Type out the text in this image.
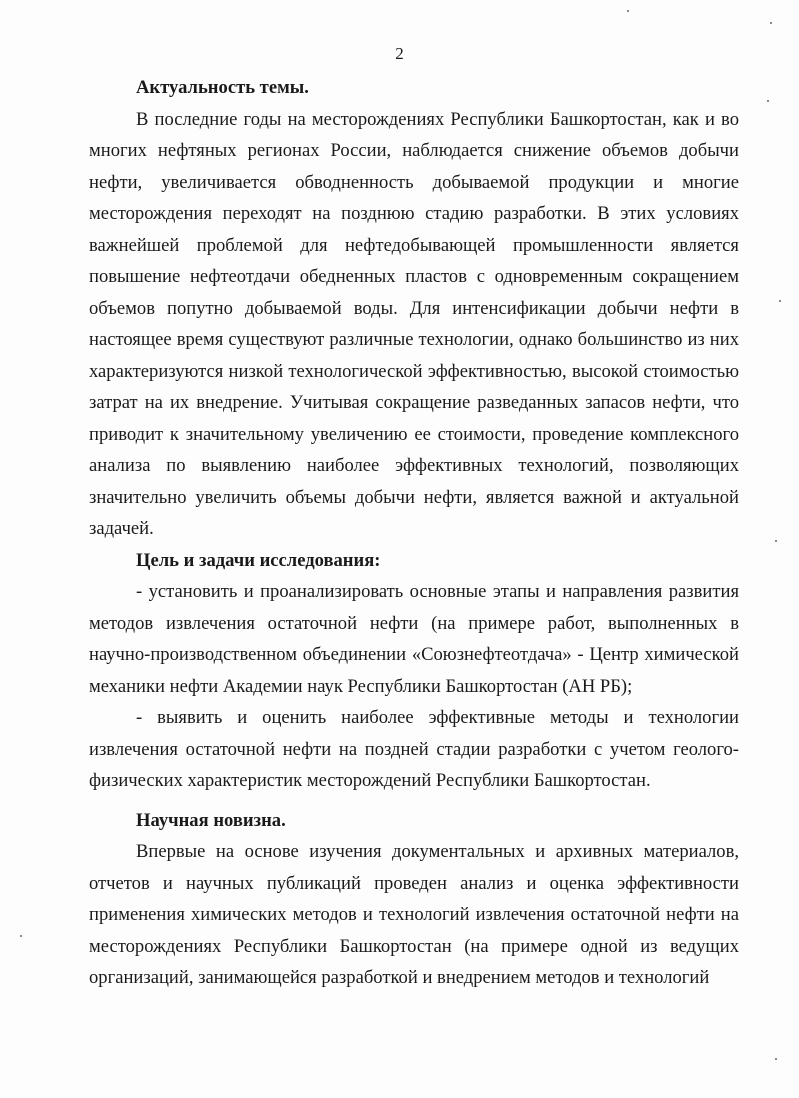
2

Актуальность темы.

В последние годы на месторождениях Республики Башкортостан, как и во многих нефтяных регионах России, наблюдается снижение объемов добычи нефти, увеличивается обводненность добываемой продукции и многие месторождения переходят на позднюю стадию разработки. В этих условиях важнейшей проблемой для нефтедобывающей промышленности является повышение нефтеотдачи обедненных пластов с одновременным сокращением объемов попутно добываемой воды. Для интенсификации добычи нефти в настоящее время существуют различные технологии, однако большинство из них характеризуются низкой технологической эффективностью, высокой стоимостью затрат на их внедрение. Учитывая сокращение разведанных запасов нефти, что приводит к значительному увеличению ее стоимости, проведение комплексного анализа по выявлению наиболее эффективных технологий, позволяющих значительно увеличить объемы добычи нефти, является важной и актуальной задачей.

Цель и задачи исследования:

- установить и проанализировать основные этапы и направления развития методов извлечения остаточной нефти (на примере работ, выполненных в научно-производственном объединении «Союзнефтеотдача» - Центр химической механики нефти Академии наук Республики Башкортостан (АН РБ);

- выявить и оценить наиболее эффективные методы и технологии извлечения остаточной нефти на поздней стадии разработки с учетом геолого-физических характеристик месторождений Республики Башкортостан.

Научная новизна.

Впервые на основе изучения документальных и архивных материалов, отчетов и научных публикаций проведен анализ и оценка эффективности применения химических методов и технологий извлечения остаточной нефти на месторождениях Республики Башкортостан (на примере одной из ведущих организаций, занимающейся разработкой и внедрением методов и технологий
